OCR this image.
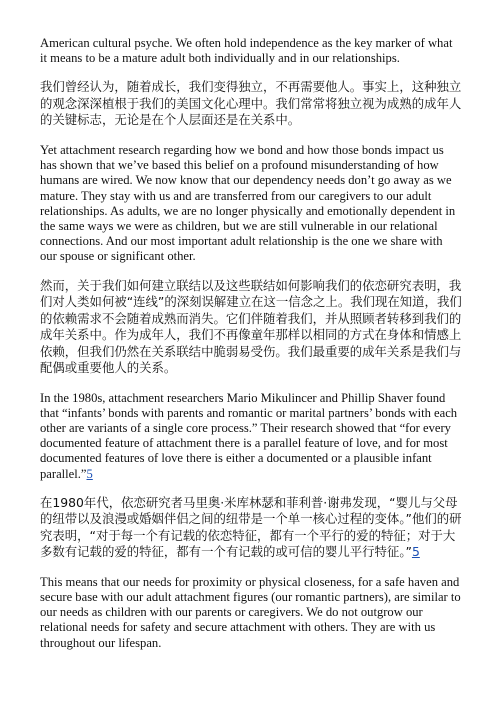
American cultural psyche. We often hold independence as the key marker of what it means to be a mature adult both individually and in our relationships.

我们曾经认为，随着成长，我们变得独立，不再需要他人。事实上，这种独立的观念深深植根于我们的美国文化心理中。我们常常将独立视为成熟的成年人的关键标志，无论是在个人层面还是在关系中。

Yet attachment research regarding how we bond and how those bonds impact us has shown that we’ve based this belief on a profound misunderstanding of how humans are wired. We now know that our dependency needs don’t go away as we mature. They stay with us and are transferred from our caregivers to our adult relationships. As adults, we are no longer physically and emotionally dependent in the same ways we were as children, but we are still vulnerable in our relational connections. And our most important adult relationship is the one we share with our spouse or significant other.

然而，关于我们如何建立联结以及这些联结如何影响我们的依恋研究表明，我们对人类如何被“连线”的深刻误解建立在这一信念之上。我们现在知道，我们的依赖需求不会随着成熟而消失。它们伴随着我们，并从照顾者转移到我们的成年关系中。作为成年人，我们不再像童年那样以相同的方式在身体和情感上依赖，但我们仍然在关系联结中脆弱易受伤。我们最重要的成年关系是我们与配偶或重要他人的关系。

In the 1980s, attachment researchers Mario Mikulincer and Phillip Shaver found that “infants’ bonds with parents and romantic or marital partners’ bonds with each other are variants of a single core process.” Their research showed that “for every documented feature of attachment there is a parallel feature of love, and for most documented features of love there is either a documented or a plausible infant parallel.”5

在1980年代，依恋研究者马里奥·米库林瑟和菲利普·谢弗发现，“婴儿与父母的纽带以及浪漫或婚姻伴侣之间的纽带是一个单一核心过程的变体。”他们的研究表明，“对于每一个有记载的依恋特征，都有一个平行的爱的特征；对于大多数有记载的爱的特征，都有一个有记载的或可信的婴儿平行特征。”5

This means that our needs for proximity or physical closeness, for a safe haven and secure base with our adult attachment figures (our romantic partners), are similar to our needs as children with our parents or caregivers. We do not outgrow our relational needs for safety and secure attachment with others. They are with us throughout our lifespan.
